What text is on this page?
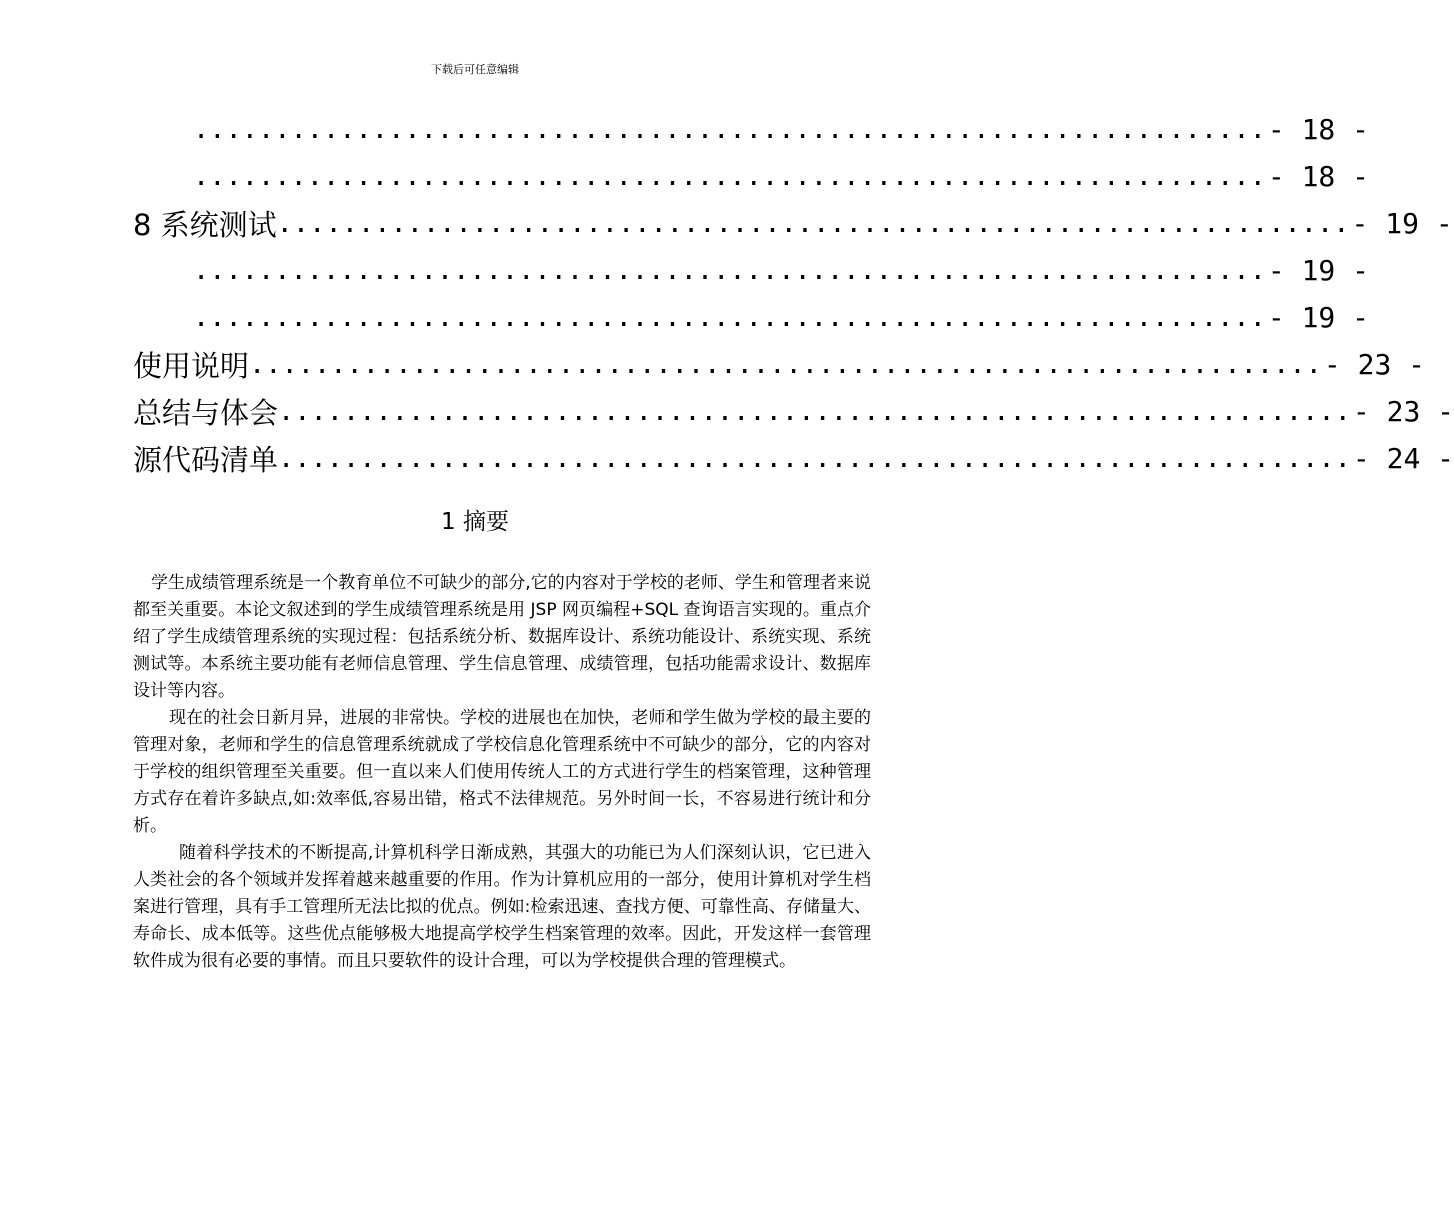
下载后可任意编辑
.................................................................. - 18 -
.................................................................. - 18 -
8 系统测试 .................................................................. - 19 -
.................................................................. - 19 -
.................................................................. - 19 -
使用说明 .................................................................. - 23 -
总结与体会 .................................................................. - 23 -
源代码清单 .................................................................. - 24 -
1 摘要

学生成绩管理系统是一个教育单位不可缺少的部分,它的内容对于学校的老师、学生和管理者来说都至关重要。本论文叙述到的学生成绩管理系统是用 JSP 网页编程+SQL 查询语言实现的。重点介绍了学生成绩管理系统的实现过程：包括系统分析、数据库设计、系统功能设计、系统实现、系统测试等。本系统主要功能有老师信息管理、学生信息管理、成绩管理，包括功能需求设计、数据库设计等内容。

现在的社会日新月异，进展的非常快。学校的进展也在加快，老师和学生做为学校的最主要的管理对象，老师和学生的信息管理系统就成了学校信息化管理系统中不可缺少的部分，它的内容对于学校的组织管理至关重要。但一直以来人们使用传统人工的方式进行学生的档案管理，这种管理方式存在着许多缺点,如:效率低,容易出错，格式不法律规范。另外时间一长，不容易进行统计和分析。

随着科学技术的不断提高,计算机科学日渐成熟，其强大的功能已为人们深刻认识，它已进入人类社会的各个领域并发挥着越来越重要的作用。作为计算机应用的一部分，使用计算机对学生档案进行管理，具有手工管理所无法比拟的优点。例如:检索迅速、查找方便、可靠性高、存储量大、寿命长、成本低等。这些优点能够极大地提高学校学生档案管理的效率。因此，开发这样一套管理软件成为很有必要的事情。而且只要软件的设计合理，可以为学校提供合理的管理模式。
